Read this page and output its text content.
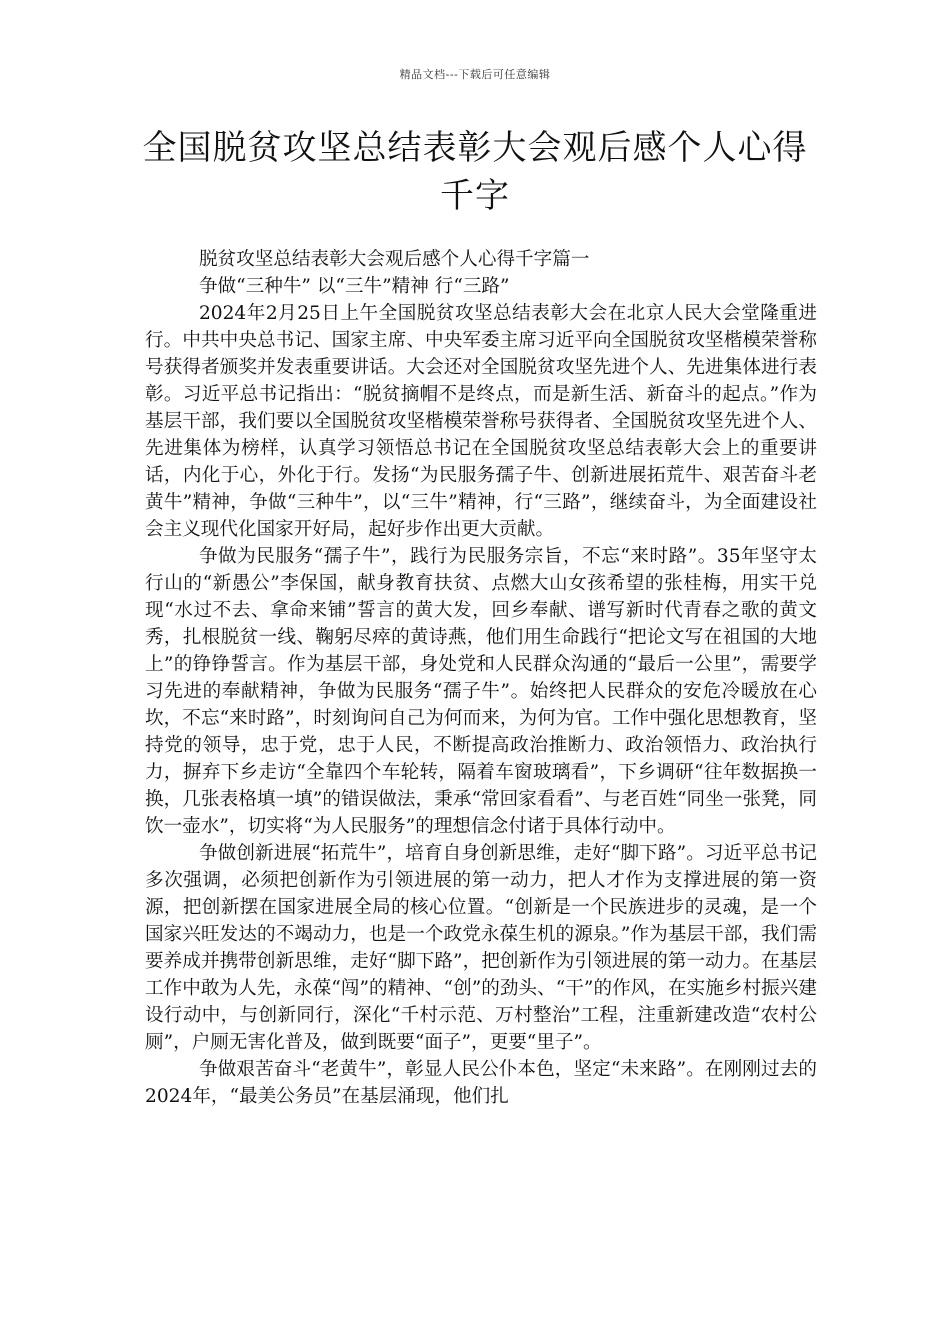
精品文档---下载后可任意编辑
全国脱贫攻坚总结表彰大会观后感个人心得千字

脱贫攻坚总结表彰大会观后感个人心得千字篇一

争做“三种牛” 以“三牛”精神 行“三路”

2024年2月25日上午全国脱贫攻坚总结表彰大会在北京人民大会堂隆重进行。中共中央总书记、国家主席、中央军委主席习近平向全国脱贫攻坚楷模荣誉称号获得者颁奖并发表重要讲话。大会还对全国脱贫攻坚先进个人、先进集体进行表彰。习近平总书记指出：“脱贫摘帽不是终点，而是新生活、新奋斗的起点。”作为基层干部，我们要以全国脱贫攻坚楷模荣誉称号获得者、全国脱贫攻坚先进个人、先进集体为榜样，认真学习领悟总书记在全国脱贫攻坚总结表彰大会上的重要讲话，内化于心，外化于行。发扬“为民服务孺子牛、创新进展拓荒牛、艰苦奋斗老黄牛”精神，争做“三种牛”，以“三牛”精神，行“三路”，继续奋斗，为全面建设社会主义现代化国家开好局，起好步作出更大贡献。

争做为民服务“孺子牛”，践行为民服务宗旨，不忘“来时路”。35年坚守太行山的“新愚公”李保国，献身教育扶贫、点燃大山女孩希望的张桂梅，用实干兑现“水过不去、拿命来铺”誓言的黄大发，回乡奉献、谱写新时代青春之歌的黄文秀，扎根脱贫一线、鞠躬尽瘁的黄诗燕，他们用生命践行“把论文写在祖国的大地上”的铮铮誓言。作为基层干部，身处党和人民群众沟通的“最后一公里”，需要学习先进的奉献精神，争做为民服务“孺子牛”。始终把人民群众的安危冷暖放在心坎，不忘“来时路”，时刻询问自己为何而来，为何为官。工作中强化思想教育，坚持党的领导，忠于党，忠于人民，不断提高政治推断力、政治领悟力、政治执行力，摒弃下乡走访“全靠四个车轮转，隔着车窗玻璃看”，下乡调研“往年数据换一换，几张表格填一填”的错误做法，秉承“常回家看看”、与老百姓“同坐一张凳，同饮一壶水”，切实将“为人民服务”的理想信念付诸于具体行动中。

争做创新进展“拓荒牛”，培育自身创新思维，走好“脚下路”。习近平总书记多次强调，必须把创新作为引领进展的第一动力，把人才作为支撑进展的第一资源，把创新摆在国家进展全局的核心位置。“创新是一个民族进步的灵魂，是一个国家兴旺发达的不竭动力，也是一个政党永葆生机的源泉。”作为基层干部，我们需要养成并携带创新思维，走好“脚下路”，把创新作为引领进展的第一动力。在基层工作中敢为人先，永葆“闯”的精神、“创”的劲头、“干”的作风，在实施乡村振兴建设行动中，与创新同行，深化“千村示范、万村整治”工程，注重新建改造“农村公厕”，户厕无害化普及，做到既要“面子”，更要“里子”。

争做艰苦奋斗“老黄牛”，彰显人民公仆本色，坚定“未来路”。在刚刚过去的2024年，“最美公务员”在基层涌现，他们扎
